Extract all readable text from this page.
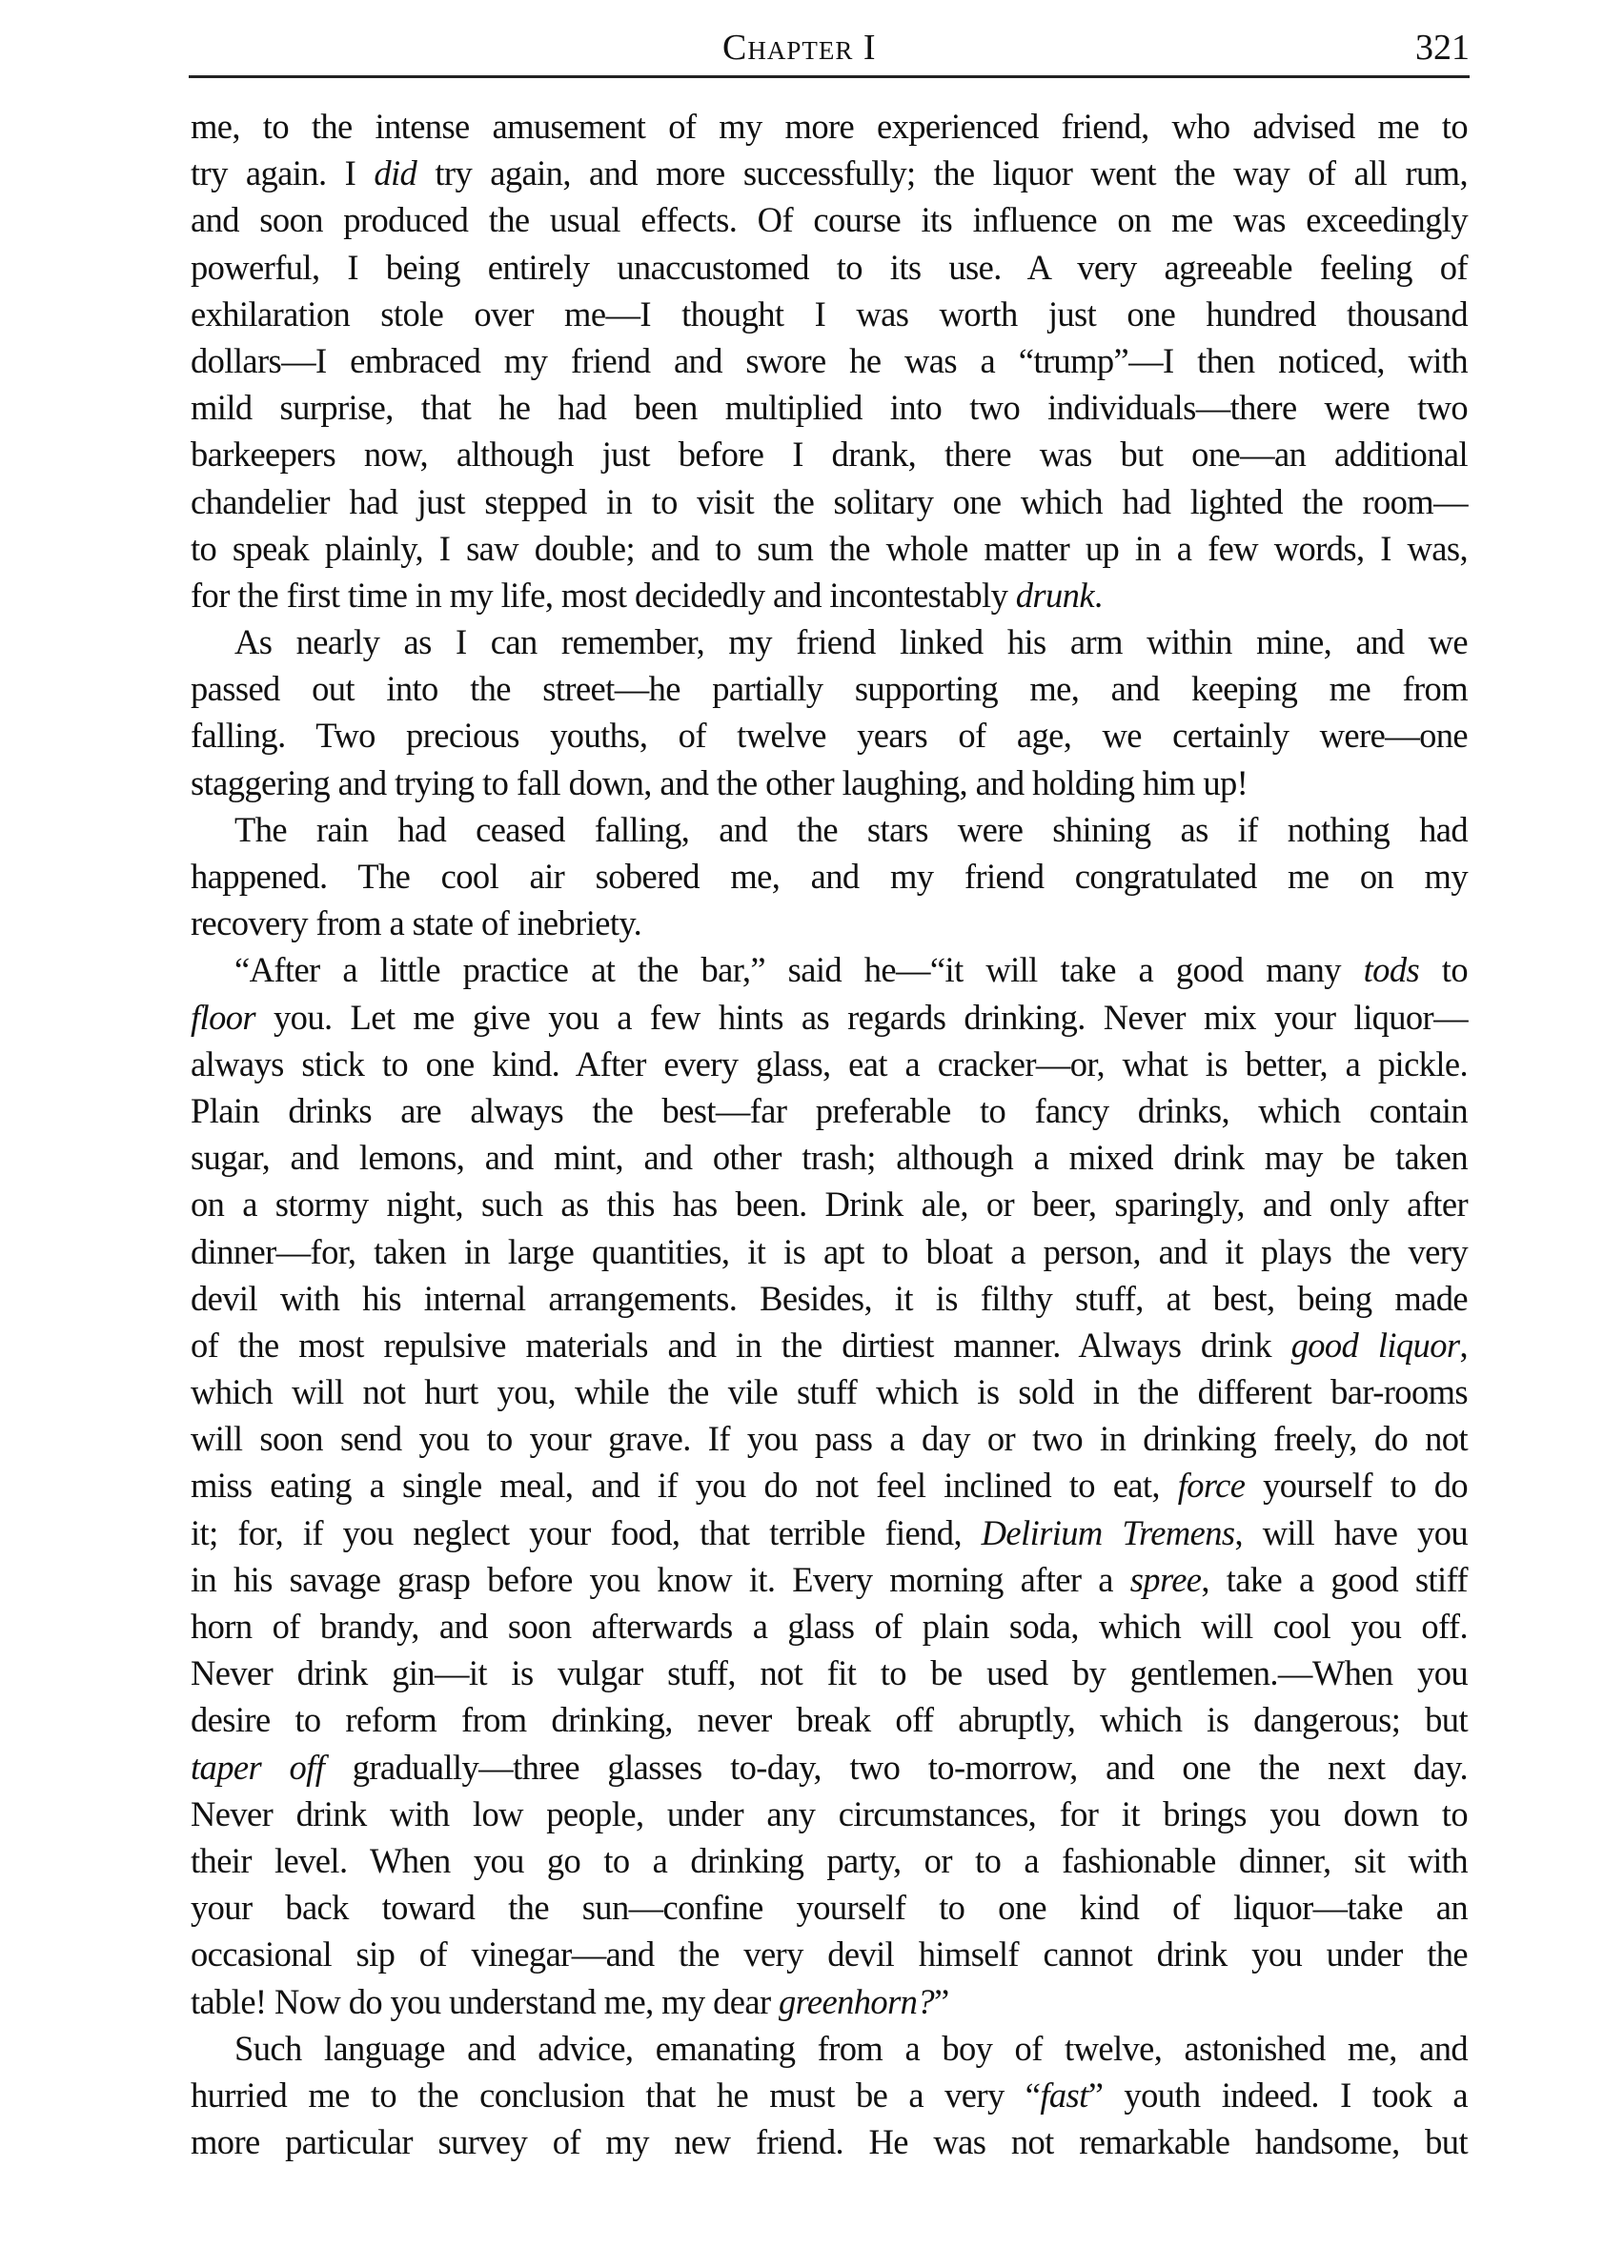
Chapter I	321
me, to the intense amusement of my more experienced friend, who advised me to
try again. I did try again, and more successfully; the liquor went the way of all rum,
and soon produced the usual effects. Of course its influence on me was exceedingly
powerful, I being entirely unaccustomed to its use. A very agreeable feeling of
exhilaration stole over me—I thought I was worth just one hundred thousand
dollars—I embraced my friend and swore he was a “trump”—I then noticed, with
mild surprise, that he had been multiplied into two individuals—there were two
barkeepers now, although just before I drank, there was but one—an additional
chandelier had just stepped in to visit the solitary one which had lighted the room—
to speak plainly, I saw double; and to sum the whole matter up in a few words, I was,
for the first time in my life, most decidedly and incontestably drunk.
As nearly as I can remember, my friend linked his arm within mine, and we
passed out into the street—he partially supporting me, and keeping me from
falling. Two precious youths, of twelve years of age, we certainly were—one
staggering and trying to fall down, and the other laughing, and holding him up!
The rain had ceased falling, and the stars were shining as if nothing had
happened. The cool air sobered me, and my friend congratulated me on my
recovery from a state of inebriety.
“After a little practice at the bar,” said he—“it will take a good many tods to
floor you. Let me give you a few hints as regards drinking. Never mix your liquor—
always stick to one kind. After every glass, eat a cracker—or, what is better, a pickle.
Plain drinks are always the best—far preferable to fancy drinks, which contain
sugar, and lemons, and mint, and other trash; although a mixed drink may be taken
on a stormy night, such as this has been. Drink ale, or beer, sparingly, and only after
dinner—for, taken in large quantities, it is apt to bloat a person, and it plays the very
devil with his internal arrangements. Besides, it is filthy stuff, at best, being made
of the most repulsive materials and in the dirtiest manner. Always drink good liquor,
which will not hurt you, while the vile stuff which is sold in the different bar-rooms
will soon send you to your grave. If you pass a day or two in drinking freely, do not
miss eating a single meal, and if you do not feel inclined to eat, force yourself to do
it; for, if you neglect your food, that terrible fiend, Delirium Tremens, will have you
in his savage grasp before you know it. Every morning after a spree, take a good stiff
horn of brandy, and soon afterwards a glass of plain soda, which will cool you off.
Never drink gin—it is vulgar stuff, not fit to be used by gentlemen.—When you
desire to reform from drinking, never break off abruptly, which is dangerous; but
taper off gradually—three glasses to-day, two to-morrow, and one the next day.
Never drink with low people, under any circumstances, for it brings you down to
their level. When you go to a drinking party, or to a fashionable dinner, sit with
your back toward the sun—confine yourself to one kind of liquor—take an
occasional sip of vinegar—and the very devil himself cannot drink you under the
table! Now do you understand me, my dear greenhorn?”
Such language and advice, emanating from a boy of twelve, astonished me, and
hurried me to the conclusion that he must be a very “fast” youth indeed. I took a
more particular survey of my new friend. He was not remarkable handsome, but
